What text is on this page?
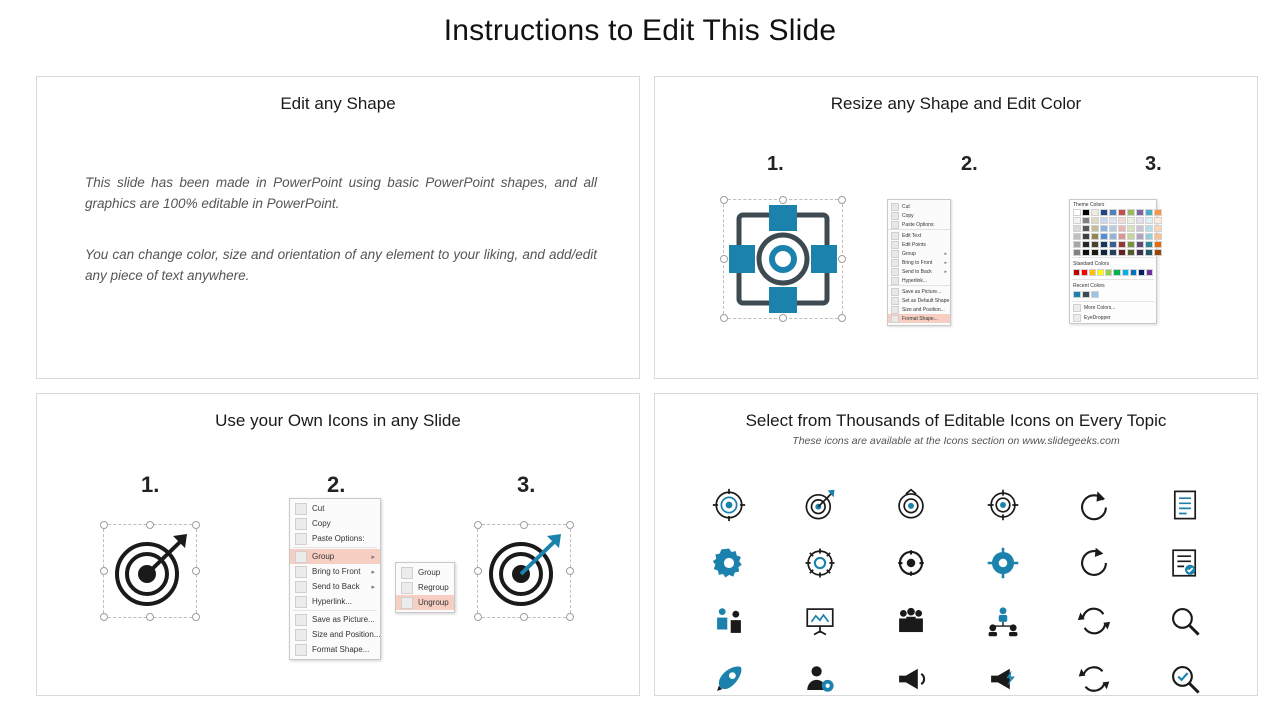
Instructions to Edit This Slide
Edit any Shape
This slide has been made in PowerPoint using basic PowerPoint shapes, and all graphics are 100% editable in PowerPoint.
You can change color, size and orientation of any element to your liking, and add/edit any piece of text anywhere.
Resize any Shape and Edit Color
1.	2.	3.
Cut
Copy
Paste Options:
Edit Text
Edit Points
Group	▸
Bring to Front ▸
Send to Back	▸
Hyperlink...
Save as Picture...
Set as Default Shape
Size and Position...
Format Shape...
Theme Colors
Standard Colors
Recent Colors
More Colors...
EyeDropper
Use your Own Icons in any Slide
1.	2.	3.
Cut
Copy
Paste Options:
Group	▸
Bring to Front ▸
Send to Back ▸
Hyperlink...
Save as Picture...
Size and Position...
Format Shape...
Group
Regroup
Ungroup
Select from Thousands of Editable Icons on Every Topic
These icons are available at the Icons section on www.slidegeeks.com
